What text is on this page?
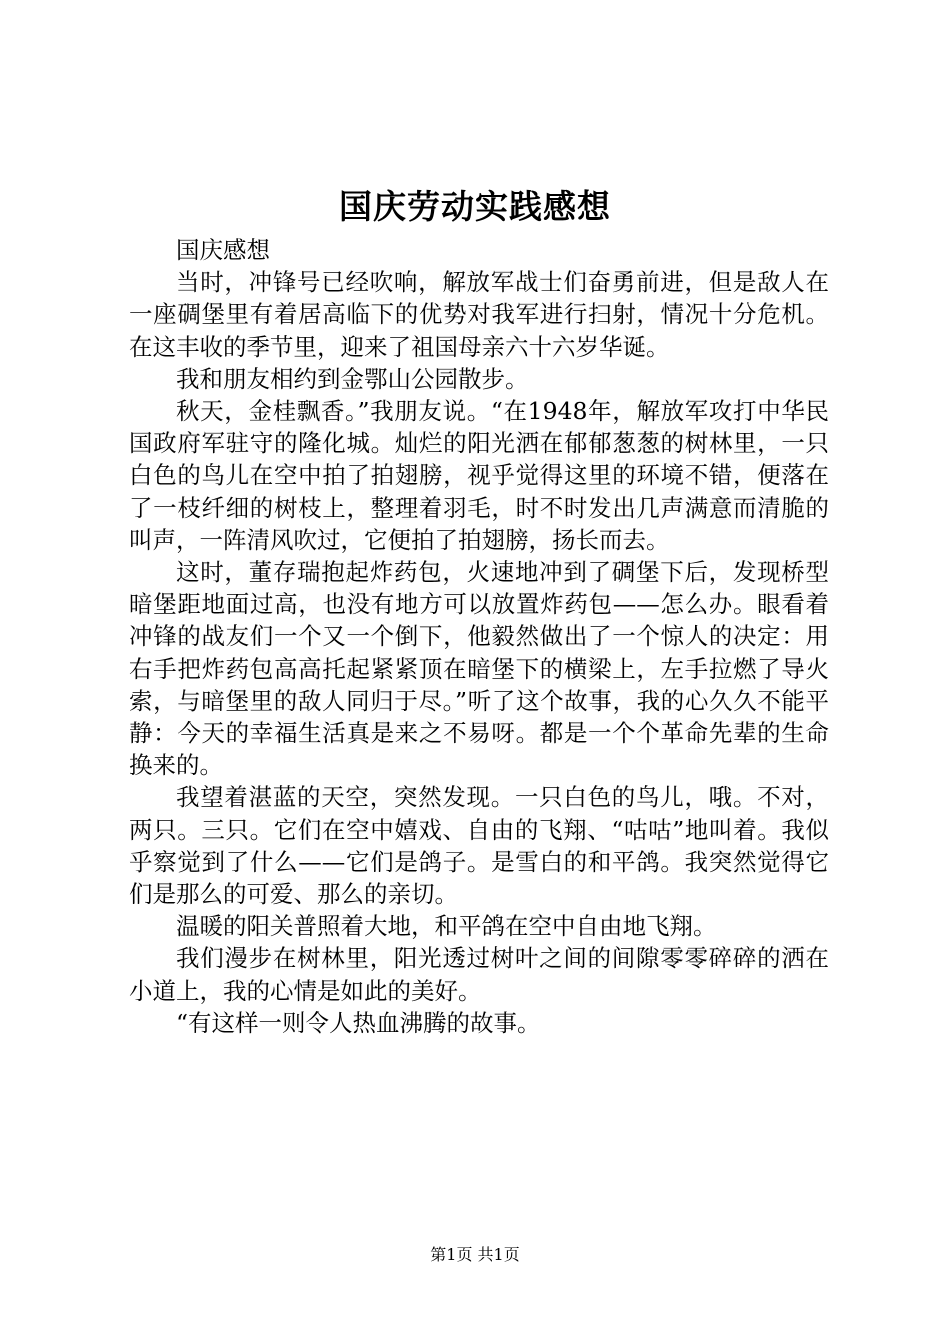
国庆劳动实践感想

国庆感想

当时，冲锋号已经吹响，解放军战士们奋勇前进，但是敌人在一座碉堡里有着居高临下的优势对我军进行扫射，情况十分危机。在这丰收的季节里，迎来了祖国母亲六十六岁华诞。

我和朋友相约到金鄂山公园散步。

秋天，金桂飘香。”我朋友说。“在1948年，解放军攻打中华民国政府军驻守的隆化城。灿烂的阳光洒在郁郁葱葱的树林里，一只白色的鸟儿在空中拍了拍翅膀，视乎觉得这里的环境不错，便落在了一枝纤细的树枝上，整理着羽毛，时不时发出几声满意而清脆的叫声，一阵清风吹过，它便拍了拍翅膀，扬长而去。

这时，董存瑞抱起炸药包，火速地冲到了碉堡下后，发现桥型暗堡距地面过高，也没有地方可以放置炸药包——怎么办。眼看着冲锋的战友们一个又一个倒下，他毅然做出了一个惊人的决定：用右手把炸药包高高托起紧紧顶在暗堡下的横梁上，左手拉燃了导火索，与暗堡里的敌人同归于尽。”听了这个故事，我的心久久不能平静：今天的幸福生活真是来之不易呀。都是一个个革命先辈的生命换来的。

我望着湛蓝的天空，突然发现。一只白色的鸟儿，哦。不对，两只。三只。它们在空中嬉戏、自由的飞翔、“咕咕”地叫着。我似乎察觉到了什么——它们是鸽子。是雪白的和平鸽。我突然觉得它们是那么的可爱、那么的亲切。

温暖的阳关普照着大地，和平鸽在空中自由地飞翔。

我们漫步在树林里，阳光透过树叶之间的间隙零零碎碎的洒在小道上，我的心情是如此的美好。

“有这样一则令人热血沸腾的故事。

第1页 共1页
